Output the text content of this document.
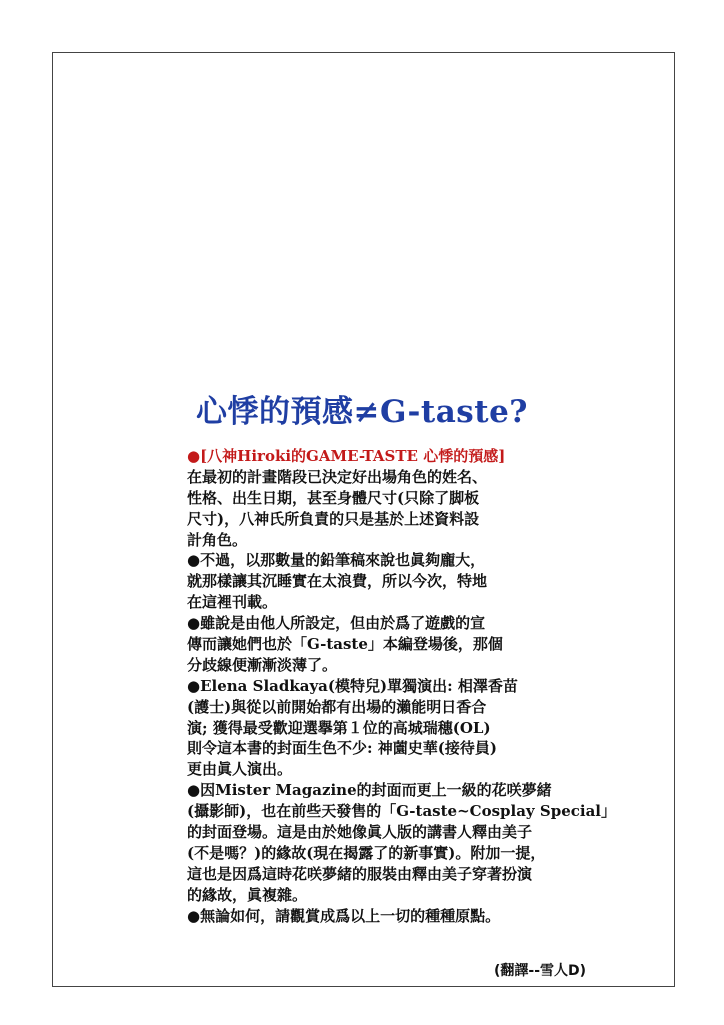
心悸的預感≠G-taste?
●[八神Hiroki的GAME-TASTE 心悸的預感]
在最初的計畫階段已決定好出場角色的姓名、
性格、出生日期，甚至身體尺寸(只除了脚板
尺寸)，八神氏所負責的只是基於上述資料設
計角色。
●不過，以那數量的鉛筆稿來說也眞夠龐大，
就那樣讓其沉睡實在太浪費，所以今次，特地
在這裡刊載。
●雖說是由他人所設定，但由於爲了遊戲的宣
傳而讓她們也於「G-taste」本編登場後，那個
分歧線便漸漸淡薄了。
●Elena Sladkaya(模特兒)單獨演出: 相澤香苗
(護士)與從以前開始都有出場的瀨能明日香合
演; 獲得最受歡迎選擧第１位的高城瑞穗(OL)
則令這本書的封面生色不少: 神薗史華(接待員)
更由眞人演出。
●因Mister Magazine的封面而更上一級的花咲夢緒
(攝影師)，也在前些天發售的「G-taste~Cosplay Special」
的封面登場。這是由於她像眞人版的講書人釋由美子
(不是嗎？)的緣故(現在揭露了的新事實)。附加一提，
這也是因爲這時花咲夢緒的服裝由釋由美子穿著扮演
的緣故，眞複雜。
●無論如何，請觀賞成爲以上一切的種種原點。
(翻譯--雪人D)
